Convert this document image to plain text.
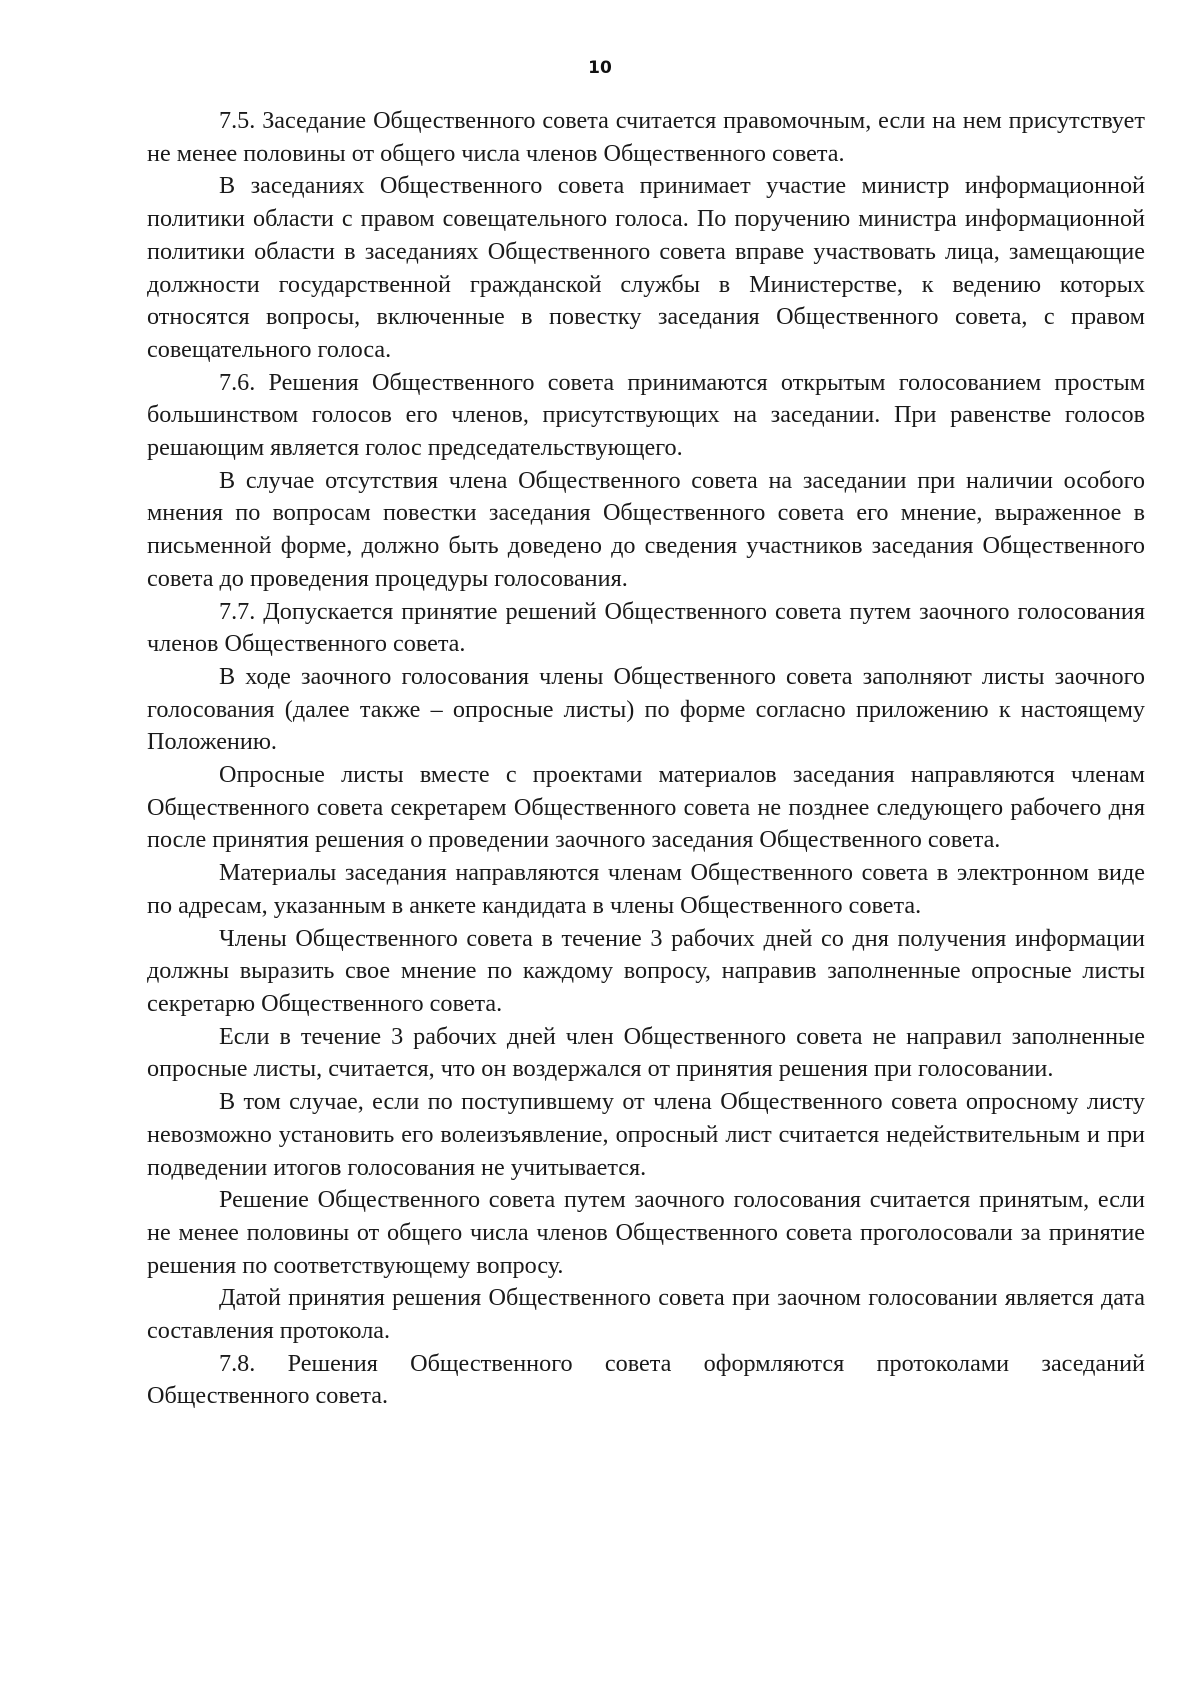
10

7.5. Заседание Общественного совета считается правомочным, если на нем присутствует не менее половины от общего числа членов Общественного совета.

В заседаниях Общественного совета принимает участие министр информационной политики области с правом совещательного голоса. По поручению министра информационной политики области в заседаниях Общественного совета вправе участвовать лица, замещающие должности государственной гражданской службы в Министерстве, к ведению которых относятся вопросы, включенные в повестку заседания Общественного совета, с правом совещательного голоса.

7.6. Решения Общественного совета принимаются открытым голосованием простым большинством голосов его членов, присутствующих на заседании. При равенстве голосов решающим является голос председательствующего.

В случае отсутствия члена Общественного совета на заседании при наличии особого мнения по вопросам повестки заседания Общественного совета его мнение, выраженное в письменной форме, должно быть доведено до сведения участников заседания Общественного совета до проведения процедуры голосования.

7.7. Допускается принятие решений Общественного совета путем заочного голосования членов Общественного совета.

В ходе заочного голосования члены Общественного совета заполняют листы заочного голосования (далее также – опросные листы) по форме согласно приложению к настоящему Положению.

Опросные листы вместе с проектами материалов заседания направляются членам Общественного совета секретарем Общественного совета не позднее следующего рабочего дня после принятия решения о проведении заочного заседания Общественного совета.

Материалы заседания направляются членам Общественного совета в электронном виде по адресам, указанным в анкете кандидата в члены Общественного совета.

Члены Общественного совета в течение 3 рабочих дней со дня получения информации должны выразить свое мнение по каждому вопросу, направив заполненные опросные листы секретарю Общественного совета.

Если в течение 3 рабочих дней член Общественного совета не направил заполненные опросные листы, считается, что он воздержался от принятия решения при голосовании.

В том случае, если по поступившему от члена Общественного совета опросному листу невозможно установить его волеизъявление, опросный лист считается недействительным и при подведении итогов голосования не учитывается.

Решение Общественного совета путем заочного голосования считается принятым, если не менее половины от общего числа членов Общественного совета проголосовали за принятие решения по соответствующему вопросу.

Датой принятия решения Общественного совета при заочном голосовании является дата составления протокола.

7.8. Решения Общественного совета оформляются протоколами заседаний Общественного совета.
